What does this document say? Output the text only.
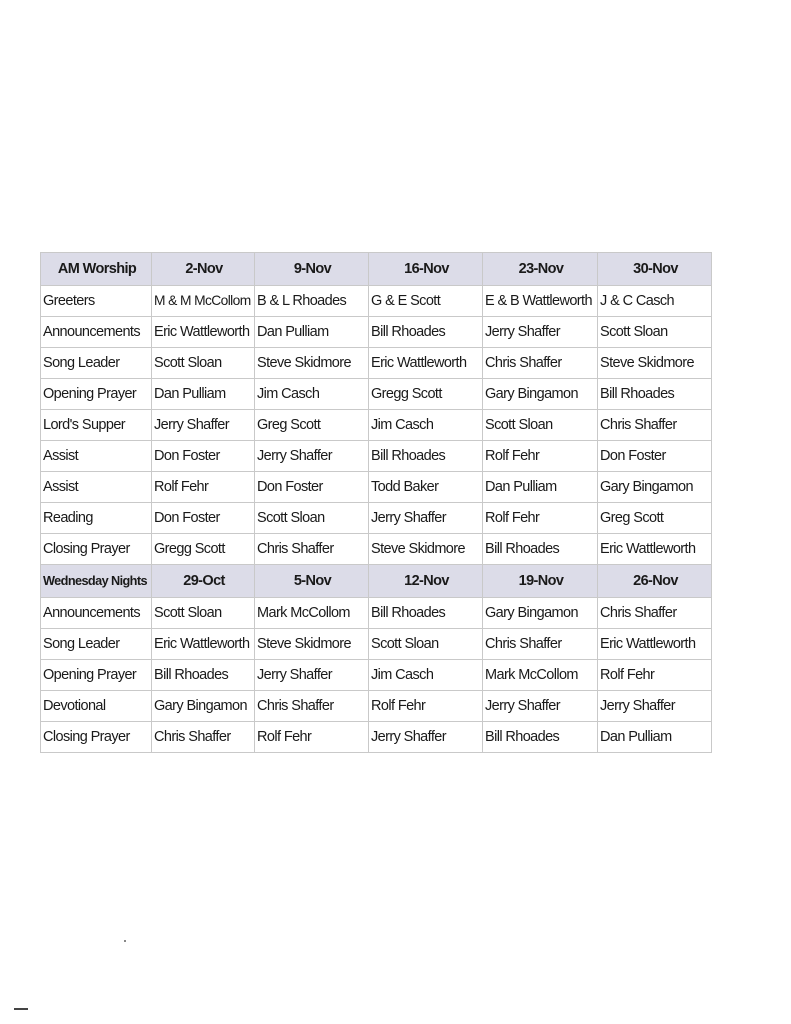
AM Worship	2-Nov	9-Nov	16-Nov	23-Nov	30-Nov
Greeters	M & M McCollom	B & L Rhoades	G & E Scott	E & B Wattleworth	J & C Casch
Announcements	Eric Wattleworth	Dan Pulliam	Bill Rhoades	Jerry Shaffer	Scott Sloan
Song Leader	Scott Sloan	Steve Skidmore	Eric Wattleworth	Chris Shaffer	Steve Skidmore
Opening Prayer	Dan Pulliam	Jim Casch	Gregg Scott	Gary Bingamon	Bill Rhoades
Lord's Supper	Jerry Shaffer	Greg Scott	Jim Casch	Scott Sloan	Chris Shaffer
Assist	Don Foster	Jerry Shaffer	Bill Rhoades	Rolf Fehr	Don Foster
Assist	Rolf Fehr	Don Foster	Todd Baker	Dan Pulliam	Gary Bingamon
Reading	Don Foster	Scott Sloan	Jerry Shaffer	Rolf Fehr	Greg Scott
Closing Prayer	Gregg Scott	Chris Shaffer	Steve Skidmore	Bill Rhoades	Eric Wattleworth
Wednesday Nights	29-Oct	5-Nov	12-Nov	19-Nov	26-Nov
Announcements	Scott Sloan	Mark McCollom	Bill Rhoades	Gary Bingamon	Chris Shaffer
Song Leader	Eric Wattleworth	Steve Skidmore	Scott Sloan	Chris Shaffer	Eric Wattleworth
Opening Prayer	Bill Rhoades	Jerry Shaffer	Jim Casch	Mark McCollom	Rolf Fehr
Devotional	Gary Bingamon	Chris Shaffer	Rolf Fehr	Jerry Shaffer	Jerry Shaffer
Closing Prayer	Chris Shaffer	Rolf Fehr	Jerry Shaffer	Bill Rhoades	Dan Pulliam
